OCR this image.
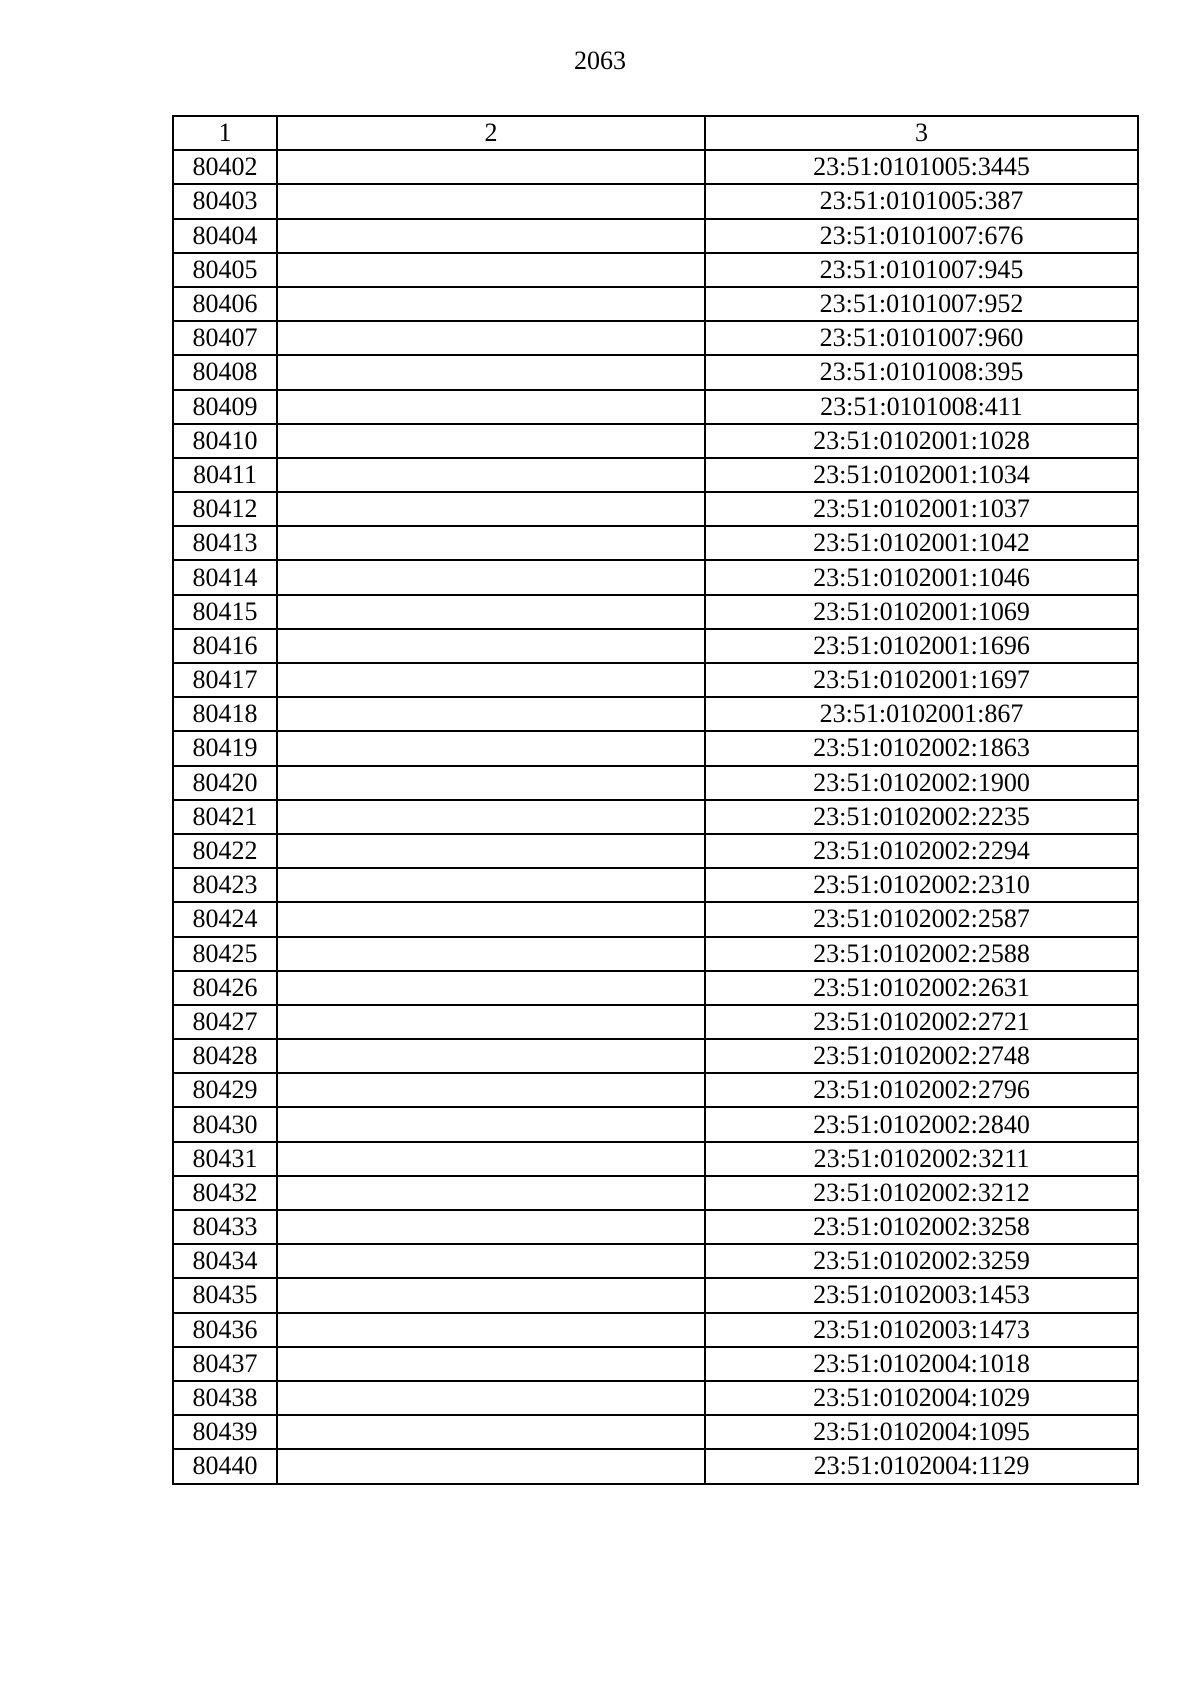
2063
1	2	3
80402		23:51:0101005:3445
80403		23:51:0101005:387
80404		23:51:0101007:676
80405		23:51:0101007:945
80406		23:51:0101007:952
80407		23:51:0101007:960
80408		23:51:0101008:395
80409		23:51:0101008:411
80410		23:51:0102001:1028
80411		23:51:0102001:1034
80412		23:51:0102001:1037
80413		23:51:0102001:1042
80414		23:51:0102001:1046
80415		23:51:0102001:1069
80416		23:51:0102001:1696
80417		23:51:0102001:1697
80418		23:51:0102001:867
80419		23:51:0102002:1863
80420		23:51:0102002:1900
80421		23:51:0102002:2235
80422		23:51:0102002:2294
80423		23:51:0102002:2310
80424		23:51:0102002:2587
80425		23:51:0102002:2588
80426		23:51:0102002:2631
80427		23:51:0102002:2721
80428		23:51:0102002:2748
80429		23:51:0102002:2796
80430		23:51:0102002:2840
80431		23:51:0102002:3211
80432		23:51:0102002:3212
80433		23:51:0102002:3258
80434		23:51:0102002:3259
80435		23:51:0102003:1453
80436		23:51:0102003:1473
80437		23:51:0102004:1018
80438		23:51:0102004:1029
80439		23:51:0102004:1095
80440		23:51:0102004:1129
